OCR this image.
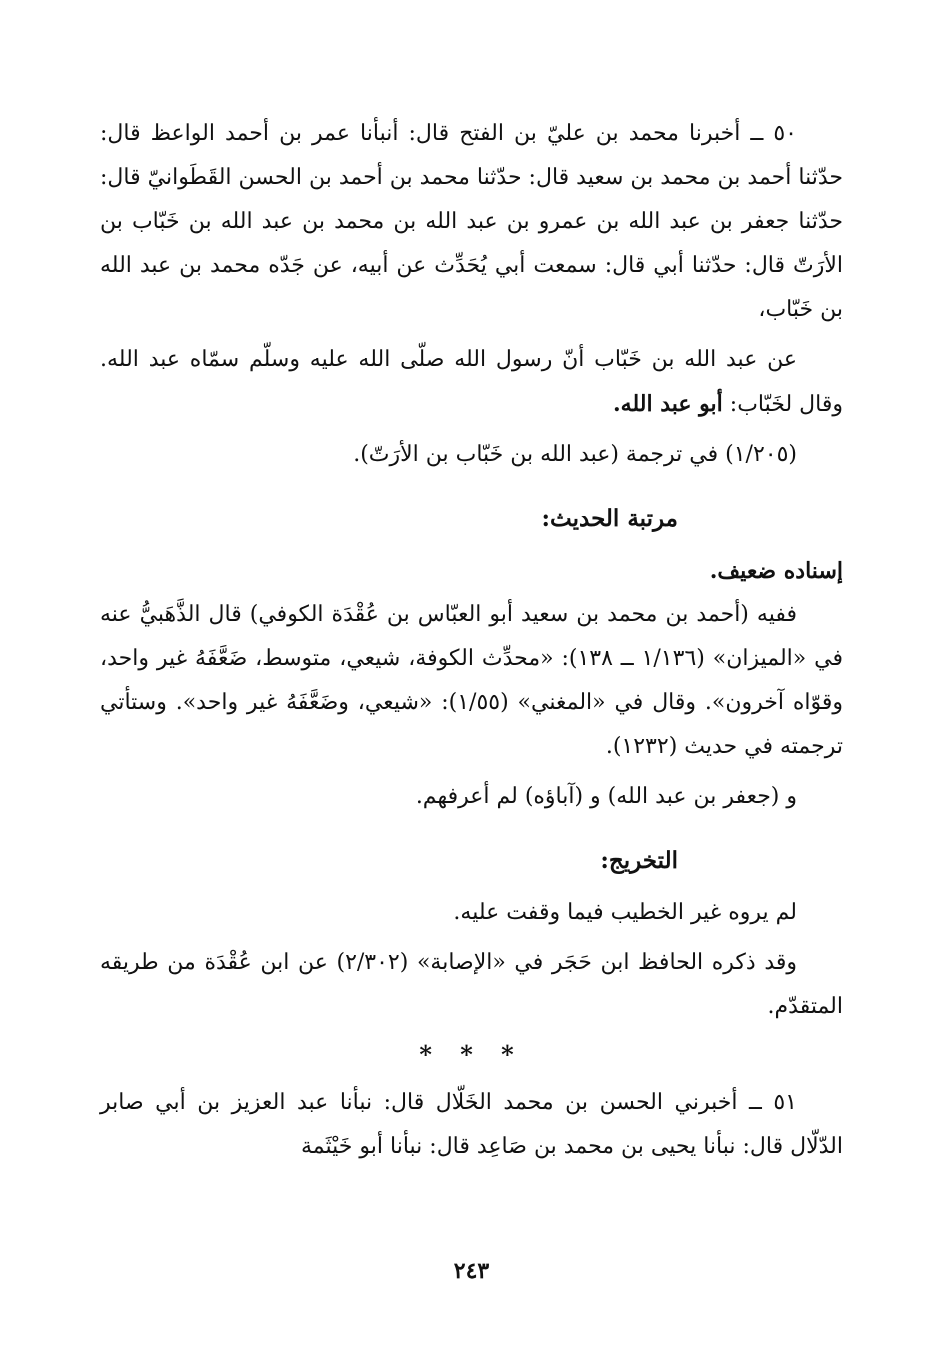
٥٠ ــ أخبرنا محمد بن عليّ بن الفتح قال: أنبأنا عمر بن أحمد الواعظ قال: حدّثنا أحمد بن محمد بن سعيد قال: حدّثنا محمد بن أحمد بن الحسن القَطَوانيّ قال: حدّثنا جعفر بن عبد الله بن عمرو بن عبد الله بن محمد بن عبد الله بن خَبّاب بن الأرَتّ قال: حدّثنا أبي قال: سمعت أبي يُحَدِّث عن أبيه، عن جَدّه محمد بن عبد الله بن خَبّاب،

عن عبد الله بن خَبّاب أنّ رسول الله صلّى الله عليه وسلّم سمّاه عبد الله. وقال لخَبّاب: أبو عبد الله.

(١/٢٠٥) في ترجمة (عبد الله بن خَبّاب بن الأرَتّ).

مرتبة الحديث:

إسناده ضعيف.

ففيه (أحمد بن محمد بن سعيد أبو العبّاس بن عُقْدَة الكوفي) قال الذَّهَبيُّ عنه في «الميزان» (١/١٣٦ ــ ١٣٨): «محدِّث الكوفة، شيعي، متوسط، ضَعَّفَهُ غير واحد، وقوّاه آخرون». وقال في «المغني» (١/٥٥): «شيعي، وضَعَّفَهُ غير واحد». وستأتي ترجمته في حديث (١٢٣٢).

و (جعفر بن عبد الله) و (آباؤه) لم أعرفهم.

التخريج:

لم يروه غير الخطيب فيما وقفت عليه.

وقد ذكره الحافظ ابن حَجَر في «الإصابة» (٢/٣٠٢) عن ابن عُقْدَة من طريقه المتقدّم.

* * *

٥١ ــ أخبرني الحسن بن محمد الخَلّال قال: نبأنا عبد العزيز بن أبي صابر الدّلّال قال: نبأنا يحيى بن محمد بن صَاعِد قال: نبأنا أبو خَيْثَمة

٢٤٣
